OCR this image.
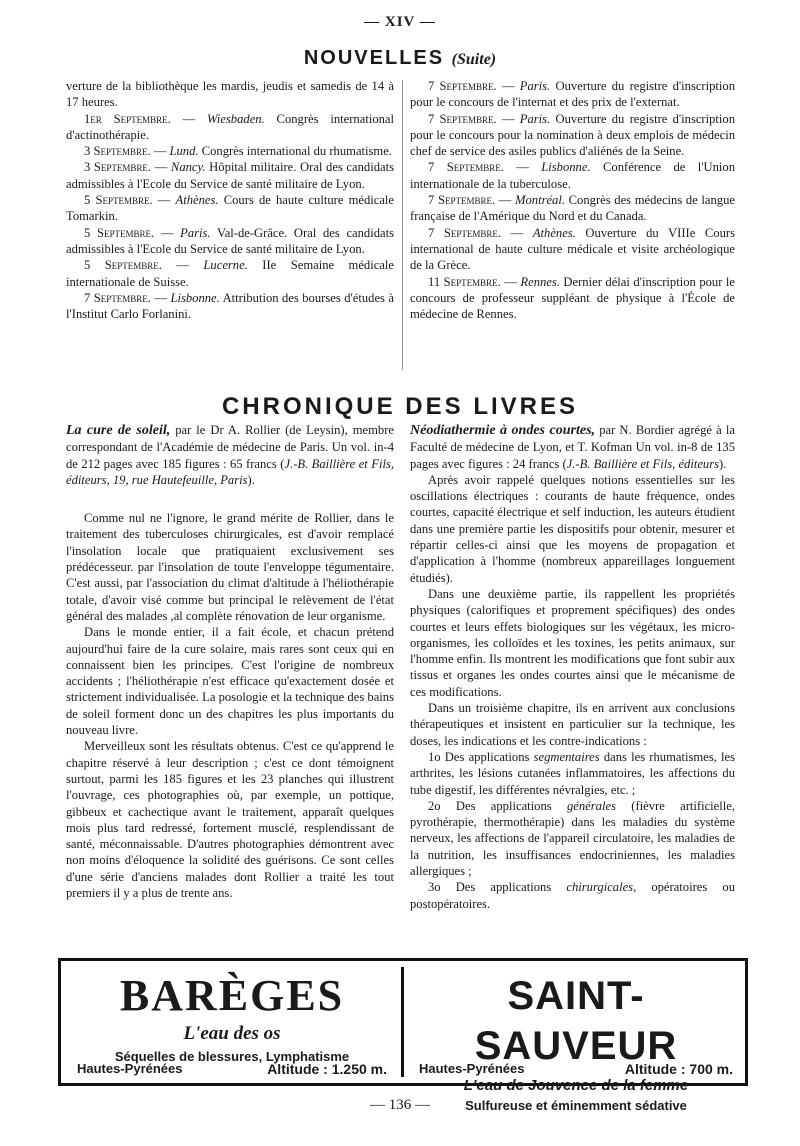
— XIV —
NOUVELLES (Suite)

verture de la bibliothèque les mardis, jeudis et samedis de 14 à 17 heures.

1er Septembre. — Wiesbaden. Congrès international d'actinothérapie.

3 Septembre. — Lund. Congrès international du rhumatisme.

3 Septembre. — Nancy. Hôpital militaire. Oral des candidats admissibles à l'Ecole du Service de santé militaire de Lyon.

5 Septembre. — Athènes. Cours de haute culture médicale Tomarkin.

5 Septembre. — Paris. Val-de-Grâce. Oral des candidats admissibles à l'Ecole du Service de santé militaire de Lyon.

5 Septembre. — Lucerne. IIe Semaine médicale internationale de Suisse.

7 Septembre. — Lisbonne. Attribution des bourses d'études à l'Institut Carlo Forlanini.

7 Septembre. — Paris. Ouverture du registre d'inscription pour le concours de l'internat et des prix de l'externat.

7 Septembre. — Paris. Ouverture du registre d'inscription pour le concours pour la nomination à deux emplois de médecin chef de service des asiles publics d'aliénés de la Seine.

7 Septembre. — Lisbonne. Conférence de l'Union internationale de la tuberculose.

7 Septembre. — Montréal. Congrès des médecins de langue française de l'Amérique du Nord et du Canada.

7 Septembre. — Athènes. Ouverture du VIIIe Cours international de haute culture médicale et visite archéologique de la Grèce.

11 Septembre. — Rennes. Dernier délai d'inscription pour le concours de professeur suppléant de physique à l'École de médecine de Rennes.

CHRONIQUE DES LIVRES

La cure de soleil, par le Dr A. Rollier (de Leysin), membre correspondant de l'Académie de médecine de Paris. Un vol. in-4 de 212 pages avec 185 figures : 65 francs (J.-B. Baillière et Fils, éditeurs, 19, rue Hautefeuille, Paris).

Comme nul ne l'ignore, le grand mérite de Rollier, dans le traitement des tuberculoses chirurgicales, est d'avoir remplacé l'insolation locale que pratiquaient exclusivement ses prédécesseur. par l'insolation de toute l'enveloppe tégumentaire. C'est aussi, par l'association du climat d'altitude à l'héliothérapie totale, d'avoir visé comme but principal le relèvement de l'état général des malades ,al complète rénovation de leur organisme.

Dans le monde entier, il a fait école, et chacun prétend aujourd'hui faire de la cure solaire, mais rares sont ceux qui en connaissent bien les principes. C'est l'origine de nombreux accidents ; l'héliothérapie n'est efficace qu'exactement dosée et strictement individualisée. La posologie et la technique des bains de soleil forment donc un des chapitres les plus importants du nouveau livre.

Merveilleux sont les résultats obtenus. C'est ce qu'apprend le chapitre réservé à leur description ; c'est ce dont témoignent surtout, parmi les 185 figures et les 23 planches qui illustrent l'ouvrage, ces photographies où, par exemple, un pottique, gibbeux et cachectique avant le traitement, apparaît quelques mois plus tard redressé, fortement musclé, resplendissant de santé, méconnaissable. D'autres photographies démontrent avec non moins d'éloquence la solidité des guérisons. Ce sont celles d'une série d'anciens malades dont Rollier a traité les tout premiers il y a plus de trente ans.

Néodiathermie à ondes courtes, par N. Bordier agrégé à la Faculté de médecine de Lyon, et T. Kofman Un vol. in-8 de 135 pages avec figures : 24 francs (J.-B. Baillière et Fils, éditeurs).

Après avoir rappelé quelques notions essentielles sur les oscillations électriques : courants de haute fréquence, ondes courtes, capacité électrique et self induction, les auteurs étudient dans une première partie les dispositifs pour obtenir, mesurer et répartir celles-ci ainsi que les moyens de propagation et d'application à l'homme (nombreux appareillages longuement étudiés).

Dans une deuxième partie, ils rappellent les propriétés physiques (calorifiques et proprement spécifiques) des ondes courtes et leurs effets biologiques sur les végétaux, les micro-organismes, les colloïdes et les toxines, les petits animaux, sur l'homme enfin. Ils montrent les modifications que font subir aux tissus et organes les ondes courtes ainsi que le mécanisme de ces modifications.

Dans un troisième chapitre, ils en arrivent aux conclusions thérapeutiques et insistent en particulier sur la technique, les doses, les indications et les contre-indications :

1o Des applications segmentaires dans les rhumatismes, les arthrites, les lésions cutanées inflammatoires, les affections du tube digestif, les différentes névralgies, etc. ;

2o Des applications générales (fièvre artificielle, pyrothérapie, thermothérapie) dans les maladies du système nerveux, les affections de l'appareil circulatoire, les maladies de la nutrition, les insuffisances endocriniennes, les maladies allergiques ;

3o Des applications chirurgicales, opératoires ou postopératoires.

BARÈGES
L'eau des os
Séquelles de blessures, Lymphatisme
Hautes-Pyrénées	Altitude : 1.250 m.
SAINT-SAUVEUR
L'eau de Jouvence de la femme
Sulfureuse et éminemment sédative
Hautes-Pyrénées	Altitude : 700 m.
— 136 —
